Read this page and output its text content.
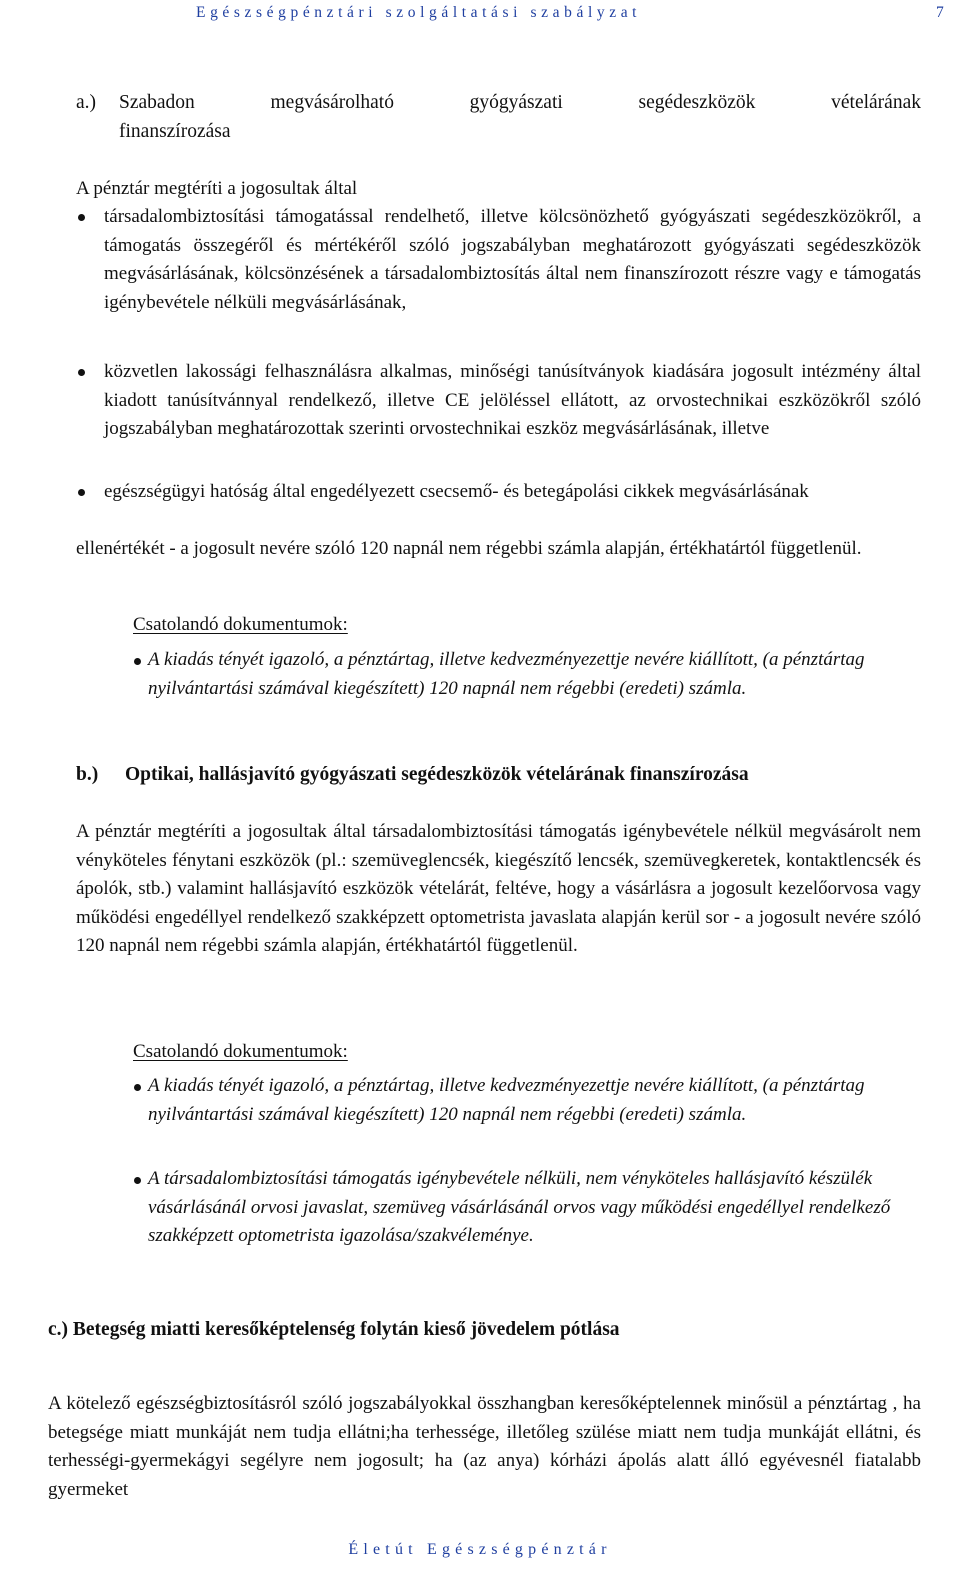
Egészségpénztári szolgáltatási szabályzat	7
a.) Szabadon	megvásárolható	gyógyászati	segédeszközök	vételárának
finanszírozása

A pénztár megtéríti a jogosultak által

társadalombiztosítási támogatással rendelhető, illetve kölcsönözhető gyógyászati segédeszközökről, a támogatás összegéről és mértékéről szóló jogszabályban meghatározott gyógyászati segédeszközök megvásárlásának, kölcsönzésének a társadalombiztosítás által nem finanszírozott részre vagy e támogatás igénybevétele nélküli megvásárlásának,

közvetlen lakossági felhasználásra alkalmas, minőségi tanúsítványok kiadására jogosult intézmény által kiadott tanúsítvánnyal rendelkező, illetve CE jelöléssel ellátott, az orvostechnikai eszközökről szóló jogszabályban meghatározottak szerinti orvostechnikai eszköz megvásárlásának, illetve

egészségügyi hatóság által engedélyezett csecsemő- és betegápolási cikkek megvásárlásának

ellenértékét - a jogosult nevére szóló 120 napnál nem régebbi számla alapján, értékhatártól függetlenül.

Csatolandó dokumentumok:

A kiadás tényét igazoló, a pénztártag, illetve kedvezményezettje nevére kiállított, (a pénztártag nyilvántartási számával kiegészített) 120 napnál nem régebbi (eredeti) számla.

b.) Optikai, hallásjavító gyógyászati segédeszközök vételárának finanszírozása

A pénztár megtéríti a jogosultak által társadalombiztosítási támogatás igénybevétele nélkül megvásárolt nem vényköteles fénytani eszközök (pl.: szemüveglencsék, kiegészítő lencsék, szemüvegkeretek, kontaktlencsék és ápolók, stb.) valamint hallásjavító eszközök vételárát, feltéve, hogy a vásárlásra a jogosult kezelőorvosa vagy működési engedéllyel rendelkező szakképzett optometrista javaslata alapján kerül sor - a jogosult nevére szóló 120 napnál nem régebbi számla alapján, értékhatártól függetlenül.

Csatolandó dokumentumok:

A kiadás tényét igazoló, a pénztártag, illetve kedvezményezettje nevére kiállított, (a pénztártag nyilvántartási számával kiegészített) 120 napnál nem régebbi (eredeti) számla.

A társadalombiztosítási támogatás igénybevétele nélküli, nem vényköteles hallásjavító készülék vásárlásánál orvosi javaslat, szemüveg vásárlásánál orvos vagy működési engedéllyel rendelkező szakképzett optometrista igazolása/szakvéleménye.

c.) Betegség miatti keresőképtelenség folytán kieső jövedelem pótlása

A kötelező egészségbiztosításról szóló jogszabályokkal összhangban keresőképtelennek minősül a pénztártag , ha betegsége miatt munkáját nem tudja ellátni;ha terhessége, illetőleg szülése miatt nem tudja munkáját ellátni, és terhességi-gyermekágyi segélyre nem jogosult; ha (az anya) kórházi ápolás alatt álló egyévesnél fiatalabb gyermeket

Életút Egészségpénztár
